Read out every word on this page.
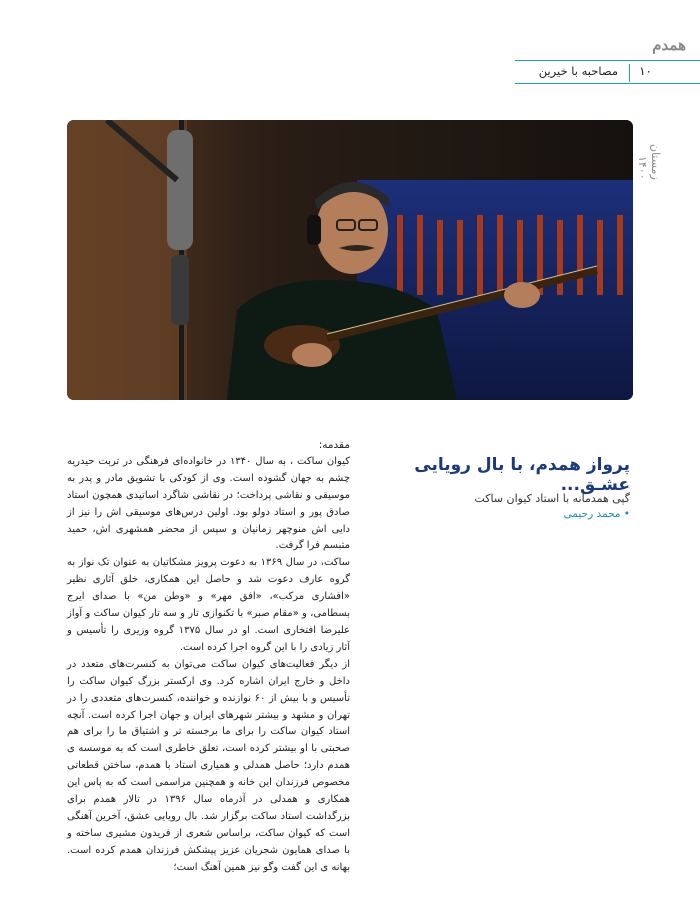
همدم
۱۰
مصاحبه با خیرین
زمستان ۱۴۰۰
پرواز همدم، با بال رویایی عشـق...
گپی همدمانه با استاد کیوان ساکت
• محمد رحیمی

مقدمه:

کیوان ساکت ، به سال ۱۳۴۰ در خانواده‌ای فرهنگی در تربت حیدریه چشم به جهان گشوده است. وی از کودکی با تشویق مادر و پدر به موسیقی و نقاشی پرداخت؛ در نقاشی شاگرد اساتیدی همچون استاد صادق پور و استاد دولو بود. اولین درس‌های موسیقی اش را نیز از دایی اش منوچهر زمانیان و سپس از محضر همشهری اش، حمید متبسم فرا گرفت.

ساکت، در سال ۱۳۶۹ به دعوت پرویز مشکاتیان به عنوان تک نواز به گروه عارف دعوت شد و حاصل این همکاری، خلق آثاری نظیر «افشاری مرکب»، «افق مهر» و «وطن من» با صدای ایرج بسطامی، و «مقام صبر» با تکنوازی تار و سه تار کیوان ساکت و آواز علیرضا افتخاری است. او در سال ۱۳۷۵ گروه وزیری را تأسیس و آثار زیادی را با این گروه اجرا کرده است.

از دیگر فعالیت‌های کیوان ساکت می‌توان به کنسرت‌های متعدد در داخل و خارج ایران اشاره کرد. وی ارکستر بزرگ کیوان ساکت را تأسیس و با بیش از ۶۰ نوازنده و خواننده، کنسرت‌های متعددی را در تهران و مشهد و بیشتر شهرهای ایران و جهان اجرا کرده است. آنچه استاد کیوان ساکت را برای ما برجسته تر و اشتیاق ما را برای هم صحبتی با او بیشتر کرده است، تعلق خاطری است که به موسسه ی همدم دارد؛ حاصل همدلی و همیاری استاد با همدم، ساختن قطعاتی مخصوص فرزندان این خانه و همچنین مراسمی است که به پاس این همکاری و همدلی در آذرماه سال ۱۳۹۶ در تالار همدم برای بزرگداشت استاد ساکت برگزار شد. بال رویایی عشق، آخرین آهنگی است که کیوان ساکت، براساس شعری از فریدون مشیری ساخته و با صدای همایون شجریان عزیز پیشکش فرزندان همدم کرده است. بهانه ی این گفت وگو نیز همین آهنگ است؛
